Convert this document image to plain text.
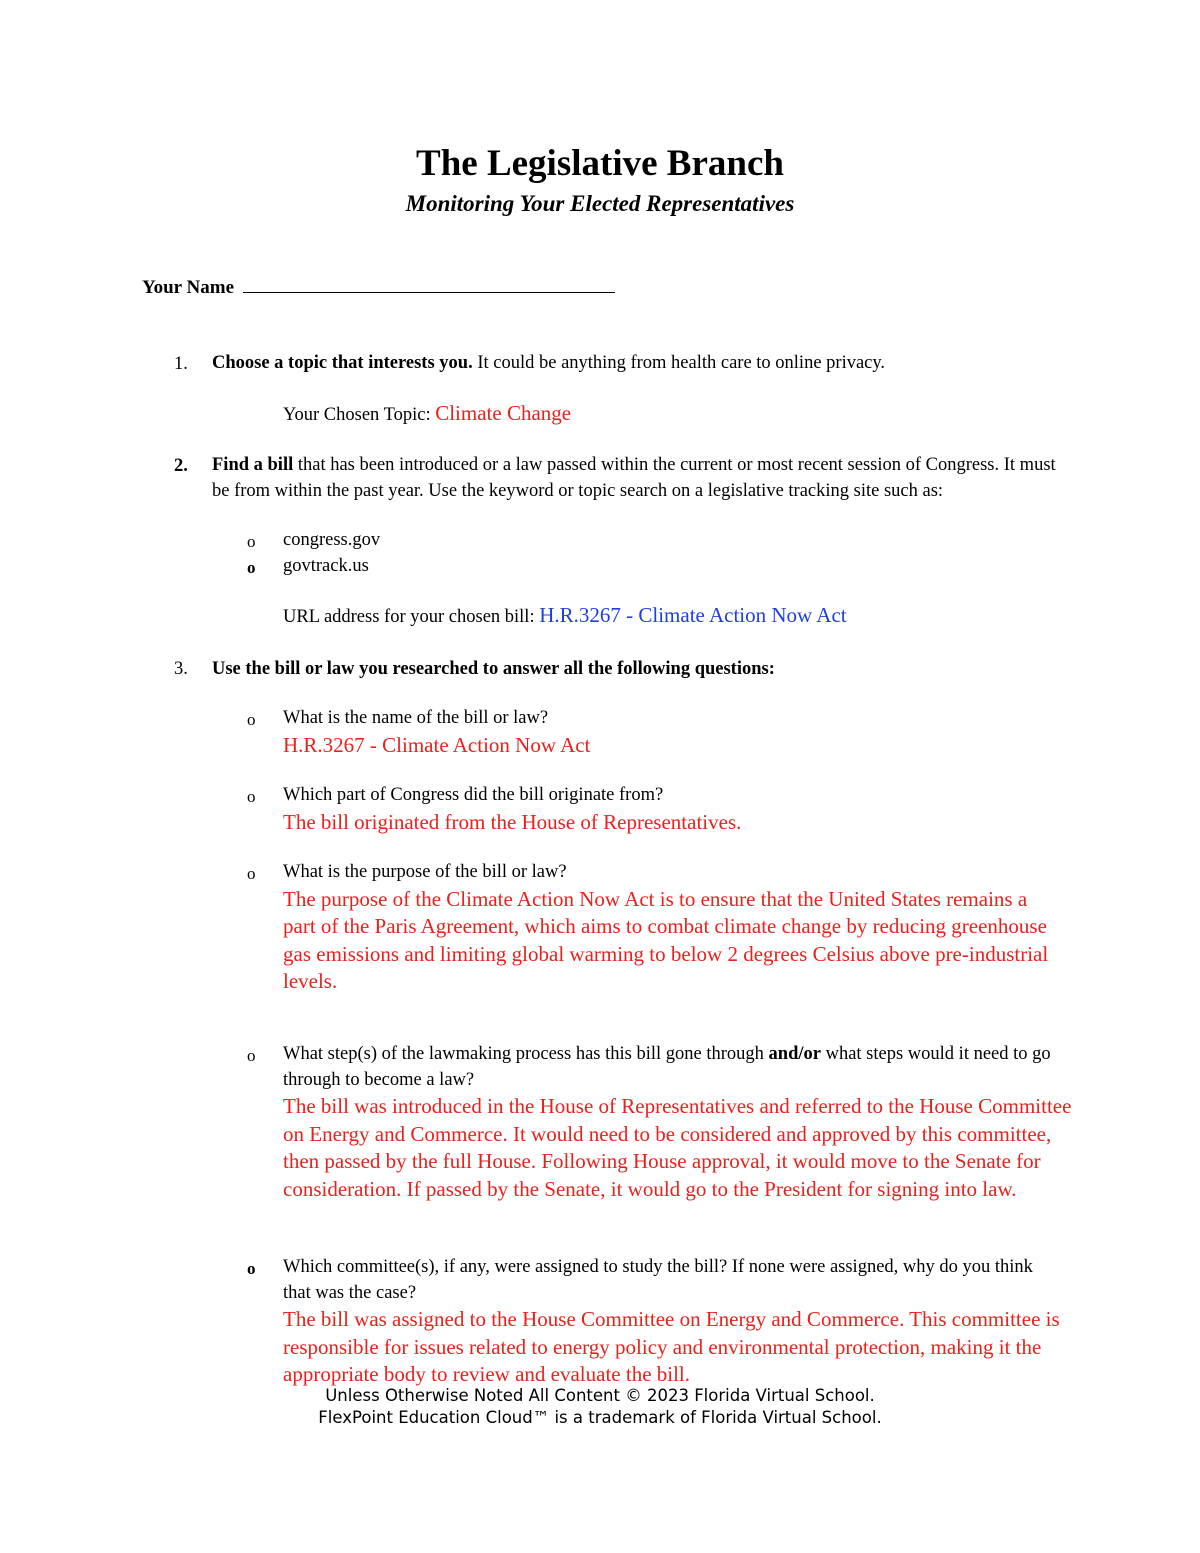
The Legislative Branch
Monitoring Your Elected Representatives
Your Name
1. Choose a topic that interests you. It could be anything from health care to online privacy.
Your Chosen Topic: Climate Change
2. Find a bill that has been introduced or a law passed within the current or most recent session of Congress. It must be from within the past year. Use the keyword or topic search on a legislative tracking site such as:
o congress.gov
o govtrack.us
URL address for your chosen bill: H.R.3267 - Climate Action Now Act
3. Use the bill or law you researched to answer all the following questions:
o What is the name of the bill or law?
H.R.3267 - Climate Action Now Act
o Which part of Congress did the bill originate from?
The bill originated from the House of Representatives.
o What is the purpose of the bill or law?
The purpose of the Climate Action Now Act is to ensure that the United States remains a part of the Paris Agreement, which aims to combat climate change by reducing greenhouse gas emissions and limiting global warming to below 2 degrees Celsius above pre-industrial levels.
o What step(s) of the lawmaking process has this bill gone through and/or what steps would it need to go through to become a law?
The bill was introduced in the House of Representatives and referred to the House Committee on Energy and Commerce. It would need to be considered and approved by this committee, then passed by the full House. Following House approval, it would move to the Senate for consideration. If passed by the Senate, it would go to the President for signing into law.
o Which committee(s), if any, were assigned to study the bill? If none were assigned, why do you think that was the case?
The bill was assigned to the House Committee on Energy and Commerce. This committee is responsible for issues related to energy policy and environmental protection, making it the appropriate body to review and evaluate the bill.
Unless Otherwise Noted All Content © 2023 Florida Virtual School.
FlexPoint Education Cloud™ is a trademark of Florida Virtual School.
